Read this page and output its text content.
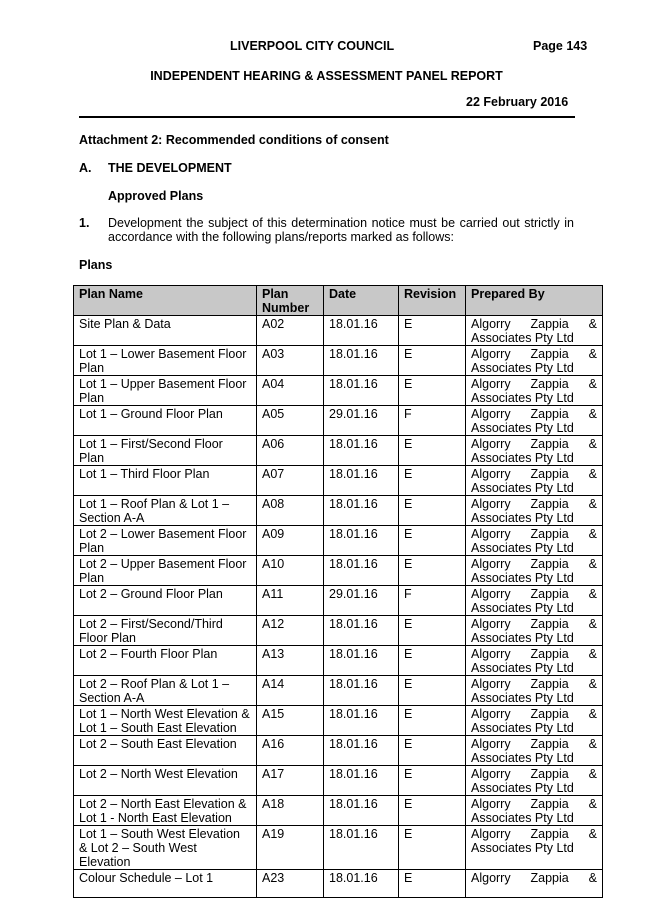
LIVERPOOL CITY COUNCIL	Page 143
INDEPENDENT HEARING & ASSESSMENT PANEL REPORT
22 February 2016
Attachment 2: Recommended conditions of consent
A. THE DEVELOPMENT
Approved Plans
1. Development the subject of this determination notice must be carried out strictly in accordance with the following plans/reports marked as follows:
Plans
Plan Name	Plan Number	Date	Revision	Prepared By
Site Plan & Data	A02	18.01.16	E	Algorry Zappia &
Associates Pty Ltd

Lot 1 – Lower Basement Floor Plan	A03	18.01.16	E	Algorry Zappia &
Associates Pty Ltd

Lot 1 – Upper Basement Floor Plan	A04	18.01.16	E	Algorry Zappia &
Associates Pty Ltd

Lot 1 – Ground Floor Plan	A05	29.01.16	F	Algorry Zappia &
Associates Pty Ltd

Lot 1 – First/Second Floor Plan	A06	18.01.16	E	Algorry Zappia &
Associates Pty Ltd

Lot 1 – Third Floor Plan	A07	18.01.16	E	Algorry Zappia &
Associates Pty Ltd

Lot 1 – Roof Plan & Lot 1 – Section A-A	A08	18.01.16	E	Algorry Zappia &
Associates Pty Ltd

Lot 2 – Lower Basement Floor Plan	A09	18.01.16	E	Algorry Zappia &
Associates Pty Ltd

Lot 2 – Upper Basement Floor Plan	A10	18.01.16	E	Algorry Zappia &
Associates Pty Ltd

Lot 2 – Ground Floor Plan	A11	29.01.16	F	Algorry Zappia &
Associates Pty Ltd

Lot 2 – First/Second/Third Floor Plan	A12	18.01.16	E	Algorry Zappia &
Associates Pty Ltd

Lot 2 – Fourth Floor Plan	A13	18.01.16	E	Algorry Zappia &
Associates Pty Ltd

Lot 2 – Roof Plan & Lot 1 – Section A-A	A14	18.01.16	E	Algorry Zappia &
Associates Pty Ltd

Lot 1 – North West Elevation & Lot 1 – South East Elevation	A15	18.01.16	E	Algorry Zappia &
Associates Pty Ltd

Lot 2 – South East Elevation	A16	18.01.16	E	Algorry Zappia &
Associates Pty Ltd

Lot 2 – North West Elevation	A17	18.01.16	E	Algorry Zappia &
Associates Pty Ltd

Lot 2 – North East Elevation & Lot 1 - North East Elevation	A18	18.01.16	E	Algorry Zappia &
Associates Pty Ltd

Lot 1 – South West Elevation & Lot 2 – South West Elevation	A19	18.01.16	E	Algorry Zappia &
Associates Pty Ltd

Colour Schedule – Lot 1	A23	18.01.16	E	Algorry Zappia &
